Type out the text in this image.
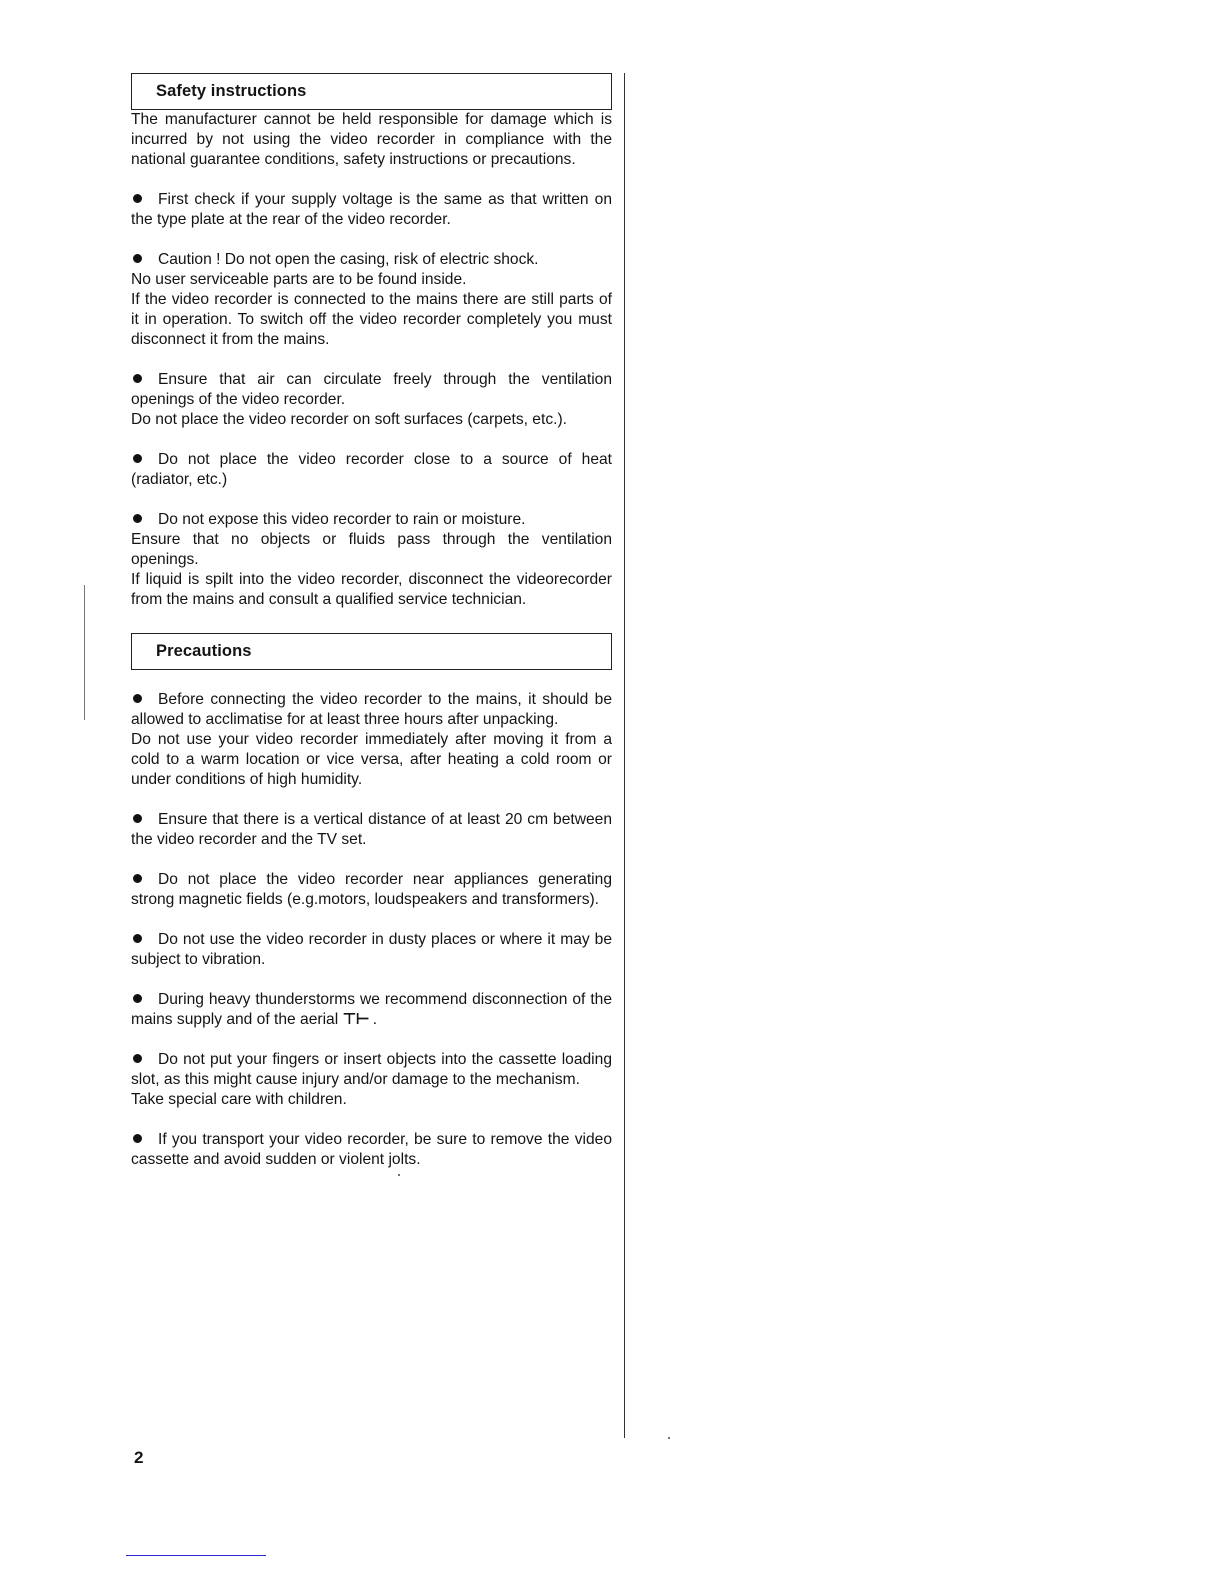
Safety instructions

The manufacturer cannot be held responsible for damage which is incurred by not using the video recorder in compliance with the national guarantee conditions, safety instructions or precautions.

First check if your supply voltage is the same as that written on the type plate at the rear of the video recorder.

Caution ! Do not open the casing, risk of electric shock.

No user serviceable parts are to be found inside.

If the video recorder is connected to the mains there are still parts of it in operation. To switch off the video recorder completely you must disconnect it from the mains.

Ensure that air can circulate freely through the ventilation openings of the video recorder.

Do not place the video recorder on soft surfaces (carpets, etc.).

Do not place the video recorder close to a source of heat (radiator, etc.)

Do not expose this video recorder to rain or moisture.

Ensure that no objects or fluids pass through the ventilation openings.

If liquid is spilt into the video recorder, disconnect the videorecorder from the mains and consult a qualified service technician.

Precautions

Before connecting the video recorder to the mains, it should be allowed to acclimatise for at least three hours after unpacking.

Do not use your video recorder immediately after moving it from a cold to a warm location or vice versa, after heating a cold room or under conditions of high humidity.

Ensure that there is a vertical distance of at least 20 cm between the video recorder and the TV set.

Do not place the video recorder near appliances generating strong magnetic fields (e.g.motors, loudspeakers and transformers).

Do not use the video recorder in dusty places or where it may be subject to vibration.

During heavy thunderstorms we recommend disconnection of the mains supply and of the aerial ⊤⊢ .

Do not put your fingers or insert objects into the cassette loading slot, as this might cause injury and/or damage to the mechanism.

Take special care with children.

If you transport your video recorder, be sure to remove the video cassette and avoid sudden or violent jolts.

2
